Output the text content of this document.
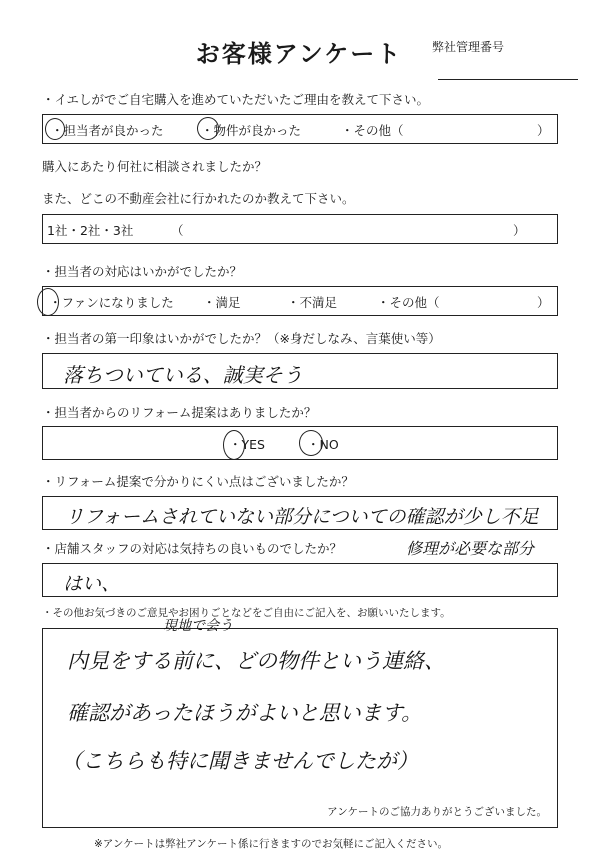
お客様アンケート	弊社管理番号
・イエしがでご自宅購入を進めていただいたご理由を教えて下さい。
・担当者が良かった	・物件が良かった	・その他（	）
購入にあたり何社に相談されましたか？
また、どこの不動産会社に行かれたのか教えて下さい。
1社・2社・3社	（	）
・担当者の対応はいかがでしたか？
・ファンになりました ・満足	・不満足	・その他（	）
・担当者の第一印象はいかがでしたか？（※身だしなみ、言葉使い等）
落ちついている、誠実そう
・担当者からのリフォーム提案はありましたか？
・YES	・NO
・リフォーム提案で分かりにくい点はございましたか？
リフォームされていない部分についての確認が少し不足
・店舗スタッフの対応は気持ちの良いものでしたか？	修理が必要な部分
はい、
・その他お気づきのご意見やお困りごとなどをご自由にご記入を、お願いいたします。
現地で会う
内見をする前に、どの物件という連絡、
確認があったほうがよいと思います。
（こちらも特に聞きませんでしたが）
アンケートのご協力ありがとうございました。
※アンケートは弊社アンケート係に行きますのでお気軽にご記入ください。
